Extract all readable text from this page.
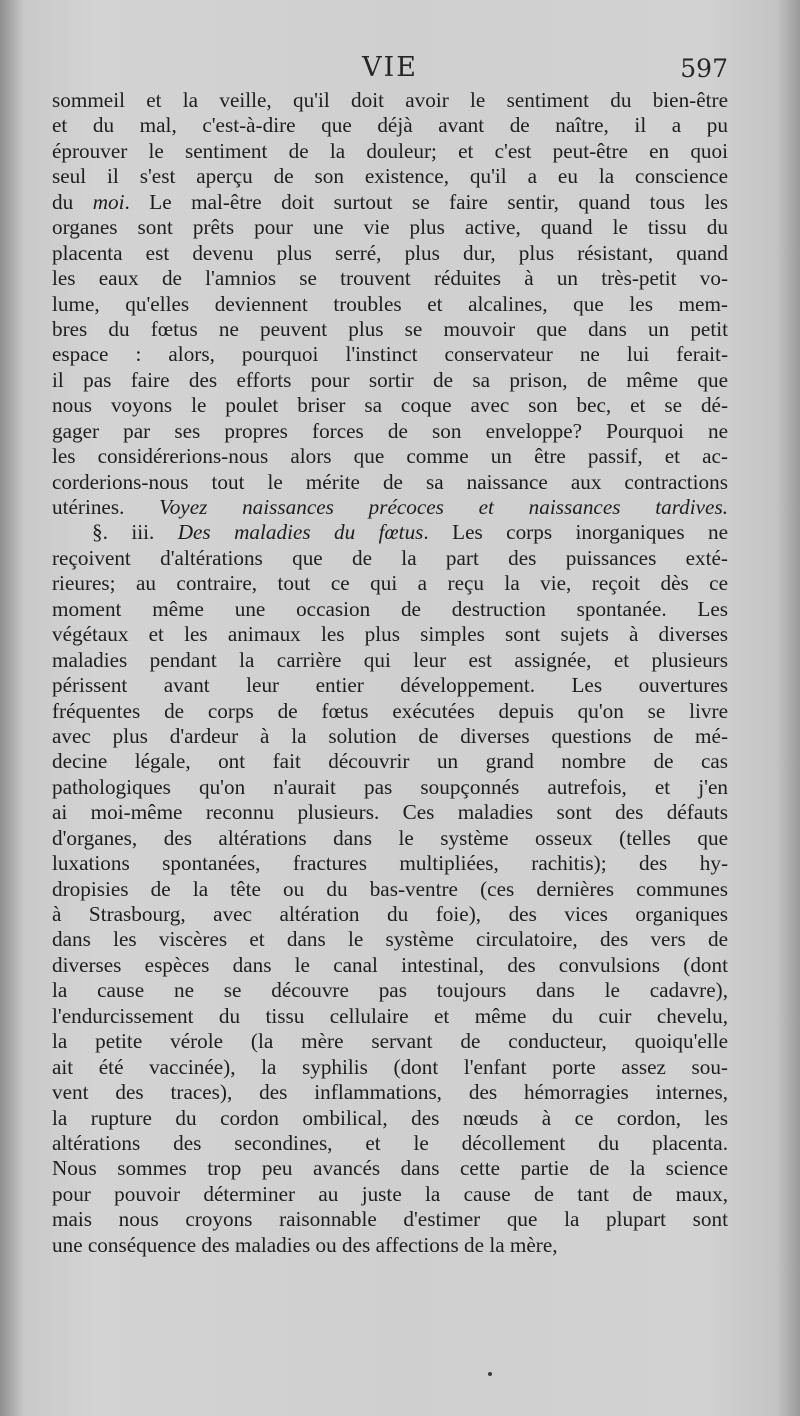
VIE	597
sommeil et la veille, qu'il doit avoir le sentiment du bien-être
et du mal, c'est-à-dire que déjà avant de naître, il a pu
éprouver le sentiment de la douleur; et c'est peut-être en quoi
seul il s'est aperçu de son existence, qu'il a eu la conscience
du moi. Le mal-être doit surtout se faire sentir, quand tous les
organes sont prêts pour une vie plus active, quand le tissu du
placenta est devenu plus serré, plus dur, plus résistant, quand
les eaux de l'amnios se trouvent réduites à un très-petit vo-
lume, qu'elles deviennent troubles et alcalines, que les mem-
bres du fœtus ne peuvent plus se mouvoir que dans un petit
espace : alors, pourquoi l'instinct conservateur ne lui ferait-
il pas faire des efforts pour sortir de sa prison, de même que
nous voyons le poulet briser sa coque avec son bec, et se dé-
gager par ses propres forces de son enveloppe? Pourquoi ne
les considérerions-nous alors que comme un être passif, et ac-
corderions-nous tout le mérite de sa naissance aux contractions
utérines. Voyez naissances précoces et naissances tardives.
§. iii. Des maladies du fœtus. Les corps inorganiques ne
reçoivent d'altérations que de la part des puissances exté-
rieures; au contraire, tout ce qui a reçu la vie, reçoit dès ce
moment même une occasion de destruction spontanée. Les
végétaux et les animaux les plus simples sont sujets à diverses
maladies pendant la carrière qui leur est assignée, et plusieurs
périssent avant leur entier développement. Les ouvertures
fréquentes de corps de fœtus exécutées depuis qu'on se livre
avec plus d'ardeur à la solution de diverses questions de mé-
decine légale, ont fait découvrir un grand nombre de cas
pathologiques qu'on n'aurait pas soupçonnés autrefois, et j'en
ai moi-même reconnu plusieurs. Ces maladies sont des défauts
d'organes, des altérations dans le système osseux (telles que
luxations spontanées, fractures multipliées, rachitis); des hy-
dropisies de la tête ou du bas-ventre (ces dernières communes
à Strasbourg, avec altération du foie), des vices organiques
dans les viscères et dans le système circulatoire, des vers de
diverses espèces dans le canal intestinal, des convulsions (dont
la cause ne se découvre pas toujours dans le cadavre),
l'endurcissement du tissu cellulaire et même du cuir chevelu,
la petite vérole (la mère servant de conducteur, quoiqu'elle
ait été vaccinée), la syphilis (dont l'enfant porte assez sou-
vent des traces), des inflammations, des hémorragies internes,
la rupture du cordon ombilical, des nœuds à ce cordon, les
altérations des secondines, et le décollement du placenta.
Nous sommes trop peu avancés dans cette partie de la science
pour pouvoir déterminer au juste la cause de tant de maux,
mais nous croyons raisonnable d'estimer que la plupart sont
une conséquence des maladies ou des affections de la mère,
